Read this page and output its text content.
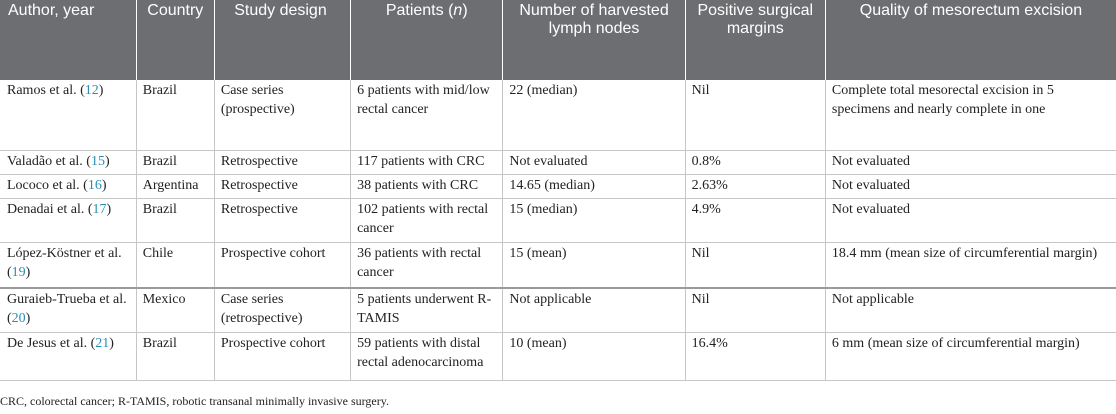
Author, year	Country	Study design	Patients (n)	Number of harvested lymph nodes	Positive surgical margins	Quality of mesorectum excision
Ramos et al. (12)	Brazil	Case series (prospective)	6 patients with mid/low rectal cancer	22 (median)	Nil	Complete total mesorectal excision in 5 specimens and nearly complete in one
Valadão et al. (15)	Brazil	Retrospective	117 patients with CRC	Not evaluated	0.8%	Not evaluated
Lococo et al. (16)	Argentina	Retrospective	38 patients with CRC	14.65 (median)	2.63%	Not evaluated
Denadai et al. (17)	Brazil	Retrospective	102 patients with rectal cancer	15 (median)	4.9%	Not evaluated
López-Köstner et al. (19)	Chile	Prospective cohort	36 patients with rectal cancer	15 (mean)	Nil	18.4 mm (mean size of circumferential margin)
Guraieb-Trueba et al. (20)	Mexico	Case series (retrospective)	5 patients underwent R-TAMIS	Not applicable	Nil	Not applicable
De Jesus et al. (21)	Brazil	Prospective cohort	59 patients with distal rectal adenocarcinoma	10 (mean)	16.4%	6 mm (mean size of circumferential margin)
CRC, colorectal cancer; R-TAMIS, robotic transanal minimally invasive surgery.
